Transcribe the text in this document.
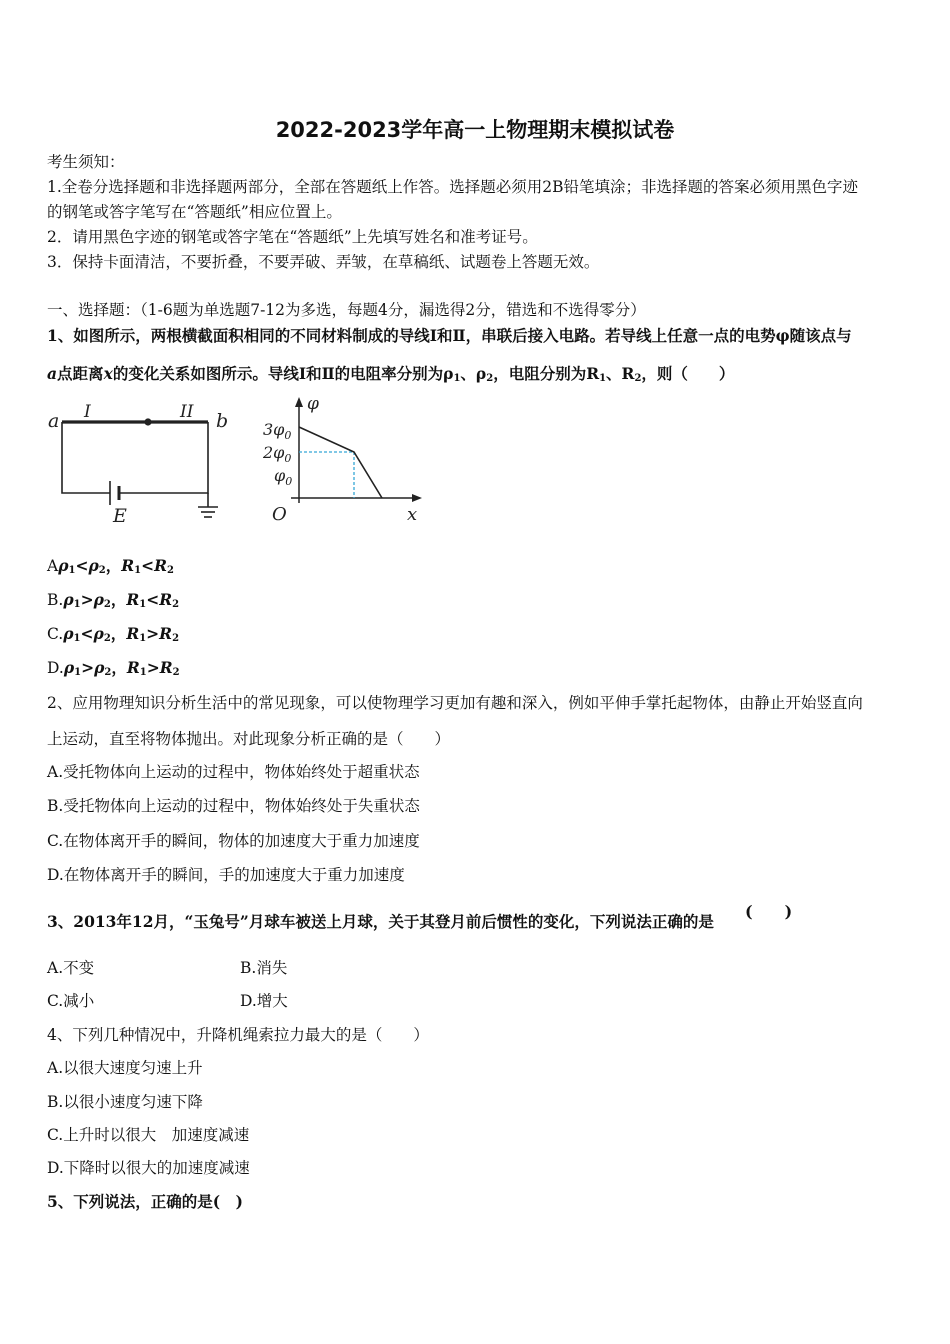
2022-2023学年高一上物理期末模拟试卷
考生须知：
1.全卷分选择题和非选择题两部分，全部在答题纸上作答。选择题必须用2B铅笔填涂；非选择题的答案必须用黑色字迹
的钢笔或答字笔写在“答题纸”相应位置上。
2．请用黑色字迹的钢笔或答字笔在“答题纸”上先填写姓名和准考证号。
3．保持卡面清洁，不要折叠，不要弄破、弄皱，在草稿纸、试题卷上答题无效。
一、选择题：（1-6题为单选题7-12为多选，每题4分，漏选得2分，错选和不选得零分）
1、如图所示，两根横截面积相同的不同材料制成的导线Ⅰ和Ⅱ，串联后接入电路。若导线上任意一点的电势φ随该点与
a点距离x的变化关系如图所示。导线Ⅰ和Ⅱ的电阻率分别为$\rho_1$、$\rho_2$，电阻分别为$R_1$、$R_2$，则（　　）
a I	II b
E
φ
$3\varphi_0$
$2\varphi_0$
$\varphi_0$
O	x
$A\rho_1<\rho_2$，$R_1<R_2$
$B.\rho_1>\rho_2$，$R_1<R_2$
$C.\rho_1<\rho_2$，$R_1>R_2$
$D.\rho_1>\rho_2$，$R_1>R_2$
2、应用物理知识分析生活中的常见现象，可以使物理学习更加有趣和深入，例如平伸手掌托起物体，由静止开始竖直向
上运动，直至将物体抛出。对此现象分析正确的是（　　）
A.受托物体向上运动的过程中，物体始终处于超重状态
B.受托物体向上运动的过程中，物体始终处于失重状态
C.在物体离开手的瞬间，物体的加速度大于重力加速度
D.在物体离开手的瞬间，手的加速度大于重力加速度
3、2013年12月，“玉兔号”月球车被送上月球，关于其登月前后惯性的变化，下列说法正确的是
(　　)
A.不变	B.消失
C.减小	D.增大
4、下列几种情况中，升降机绳索拉力最大的是（　　）
A.以很大速度匀速上升
B.以很小速度匀速下降
C.上升时以很大　加速度减速
D.下降时以很大的加速度减速
5、下列说法，正确的是(　)
